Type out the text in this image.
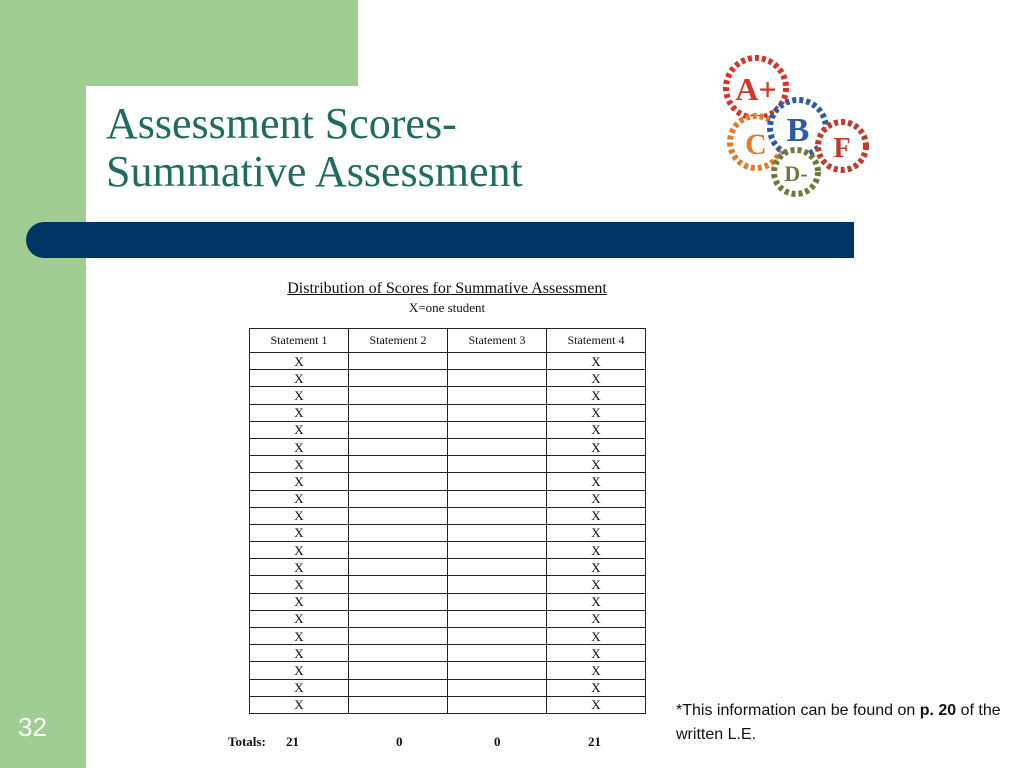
Assessment Scores-
Summative Assessment
A+
B
C
D-
F
Distribution of Scores for Summative Assessment
X=one student
Statement 1	Statement 2	Statement 3	Statement 4
X			X
X			X
X			X
X			X
X			X
X			X
X			X
X			X
X			X
X			X
X			X
X			X
X			X
X			X
X			X
X			X
X			X
X			X
X			X
X			X
X			X
Totals: 21	0	0	21
*This information can be found on p. 20 of the written L.E.
32
